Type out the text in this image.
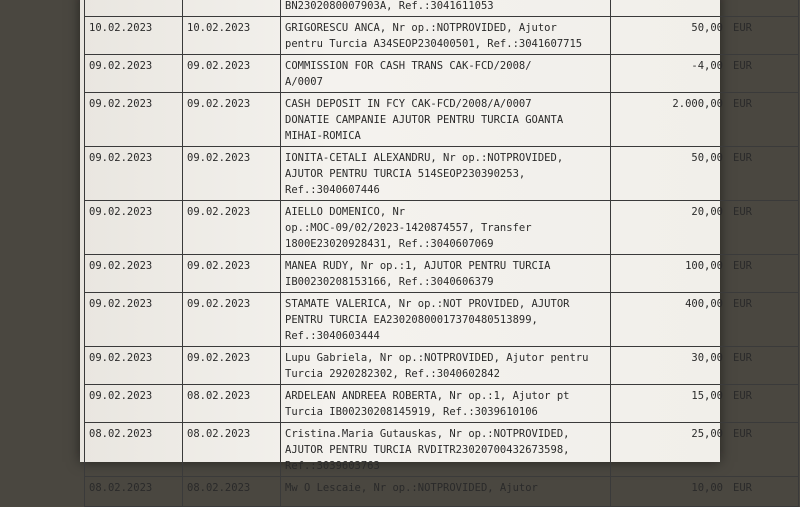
		BN2302080007903A, Ref.:3041611053	

10.02.2023	10.02.2023	GRIGORESCU ANCA, Nr op.:NOTPROVIDED, Ajutor
pentru Turcia A34SEOP230400501, Ref.:3041607715	50,00 EUR
09.02.2023	09.02.2023	COMMISSION FOR CASH TRANS CAK-FCD/2008/
A/0007	-4,00 EUR
09.02.2023	09.02.2023	CASH DEPOSIT IN FCY CAK-FCD/2008/A/0007
DONATIE CAMPANIE AJUTOR PENTRU TURCIA GOANTA
MIHAI-ROMICA	2.000,00 EUR
09.02.2023	09.02.2023	IONITA-CETALI ALEXANDRU, Nr op.:NOTPROVIDED,
AJUTOR PENTRU TURCIA 514SEOP230390253,
Ref.:3040607446	50,00 EUR
09.02.2023	09.02.2023	AIELLO DOMENICO, Nr
op.:MOC-09/02/2023-1420874557, Transfer
1800E23020928431, Ref.:3040607069	20,00 EUR
09.02.2023	09.02.2023	MANEA RUDY, Nr op.:1, AJUTOR PENTRU TURCIA
IB00230208153166, Ref.:3040606379	100,00 EUR
09.02.2023	09.02.2023	STAMATE VALERICA, Nr op.:NOT PROVIDED, AJUTOR
PENTRU TURCIA EA23020800017370480513899,
Ref.:3040603444	400,00 EUR
09.02.2023	09.02.2023	Lupu Gabriela, Nr op.:NOTPROVIDED, Ajutor pentru
Turcia 2920282302, Ref.:3040602842	30,00 EUR
09.02.2023	08.02.2023	ARDELEAN ANDREEA ROBERTA, Nr op.:1, Ajutor pt
Turcia IB00230208145919, Ref.:3039610106	15,00 EUR
08.02.2023	08.02.2023	Cristina.Maria Gutauskas, Nr op.:NOTPROVIDED,
AJUTOR PENTRU TURCIA RVDITR23020700432673598,
Ref.:3039603763	25,00 EUR
08.02.2023	08.02.2023	Mw O Lescaie, Nr op.:NOTPROVIDED, Ajutor	10,00 EUR
